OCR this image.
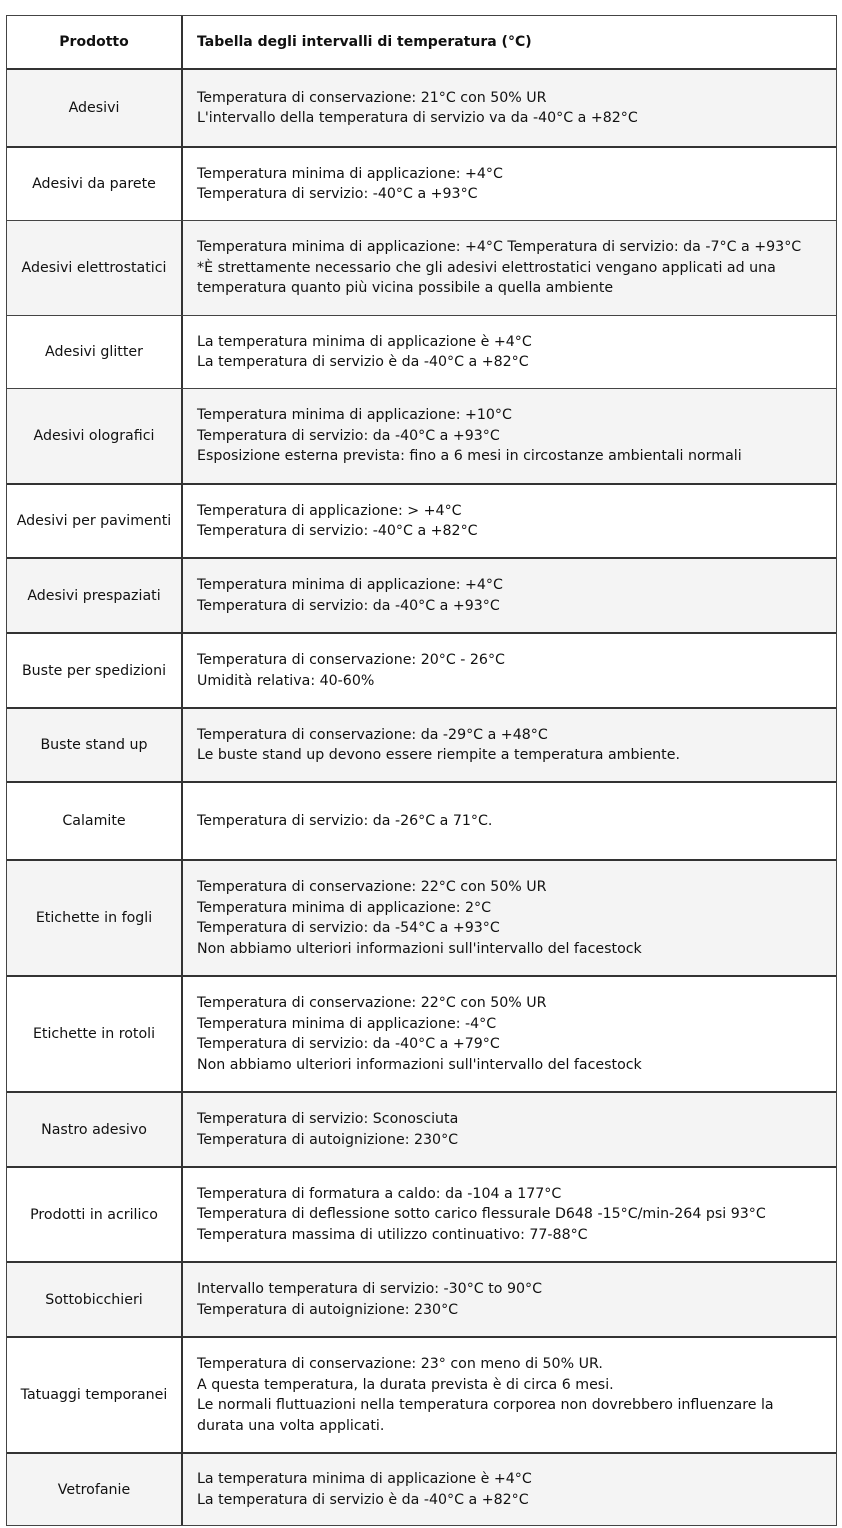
Prodotto	Tabella degli intervalli di temperatura (°C)
Adesivi
Temperatura di conservazione: 21°C con 50% UR
L'intervallo della temperatura di servizio va da -40°C a +82°C
Adesivi da parete
Temperatura minima di applicazione: +4°C
Temperatura di servizio: -40°C a +93°C
Adesivi elettrostatici
Temperatura minima di applicazione: +4°C Temperatura di servizio: da -7°C a +93°C
*È strettamente necessario che gli adesivi elettrostatici vengano applicati ad una
temperatura quanto più vicina possibile a quella ambiente
Adesivi glitter
La temperatura minima di applicazione è +4°C
La temperatura di servizio è da -40°C a +82°C
Adesivi olografici
Temperatura minima di applicazione: +10°C
Temperatura di servizio: da -40°C a +93°C
Esposizione esterna prevista: fino a 6 mesi in circostanze ambientali normali
Adesivi per pavimenti
Temperatura di applicazione: > +4°C
Temperatura di servizio: -40°C a +82°C
Adesivi prespaziati
Temperatura minima di applicazione: +4°C
Temperatura di servizio: da -40°C a +93°C
Buste per spedizioni
Temperatura di conservazione: 20°C - 26°C
Umidità relativa: 40-60%
Buste stand up
Temperatura di conservazione: da -29°C a +48°C
Le buste stand up devono essere riempite a temperatura ambiente.
Calamite	Temperatura di servizio: da -26°C a 71°C.
Etichette in fogli
Temperatura di conservazione: 22°C con 50% UR
Temperatura minima di applicazione: 2°C
Temperatura di servizio: da -54°C a +93°C
Non abbiamo ulteriori informazioni sull'intervallo del facestock
Etichette in rotoli
Temperatura di conservazione: 22°C con 50% UR
Temperatura minima di applicazione: -4°C
Temperatura di servizio: da -40°C a +79°C
Non abbiamo ulteriori informazioni sull'intervallo del facestock
Nastro adesivo
Temperatura di servizio: Sconosciuta
Temperatura di autoignizione: 230°C
Prodotti in acrilico
Temperatura di formatura a caldo: da -104 a 177°C
Temperatura di deflessione sotto carico flessurale D648 -15°C/min-264 psi 93°C
Temperatura massima di utilizzo continuativo: 77-88°C
Sottobicchieri
Intervallo temperatura di servizio: -30°C to 90°C
Temperatura di autoignizione: 230°C
Tatuaggi temporanei
Temperatura di conservazione: 23° con meno di 50% UR.
A questa temperatura, la durata prevista è di circa 6 mesi.
Le normali fluttuazioni nella temperatura corporea non dovrebbero influenzare la
durata una volta applicati.
Vetrofanie
La temperatura minima di applicazione è +4°C
La temperatura di servizio è da -40°C a +82°C
